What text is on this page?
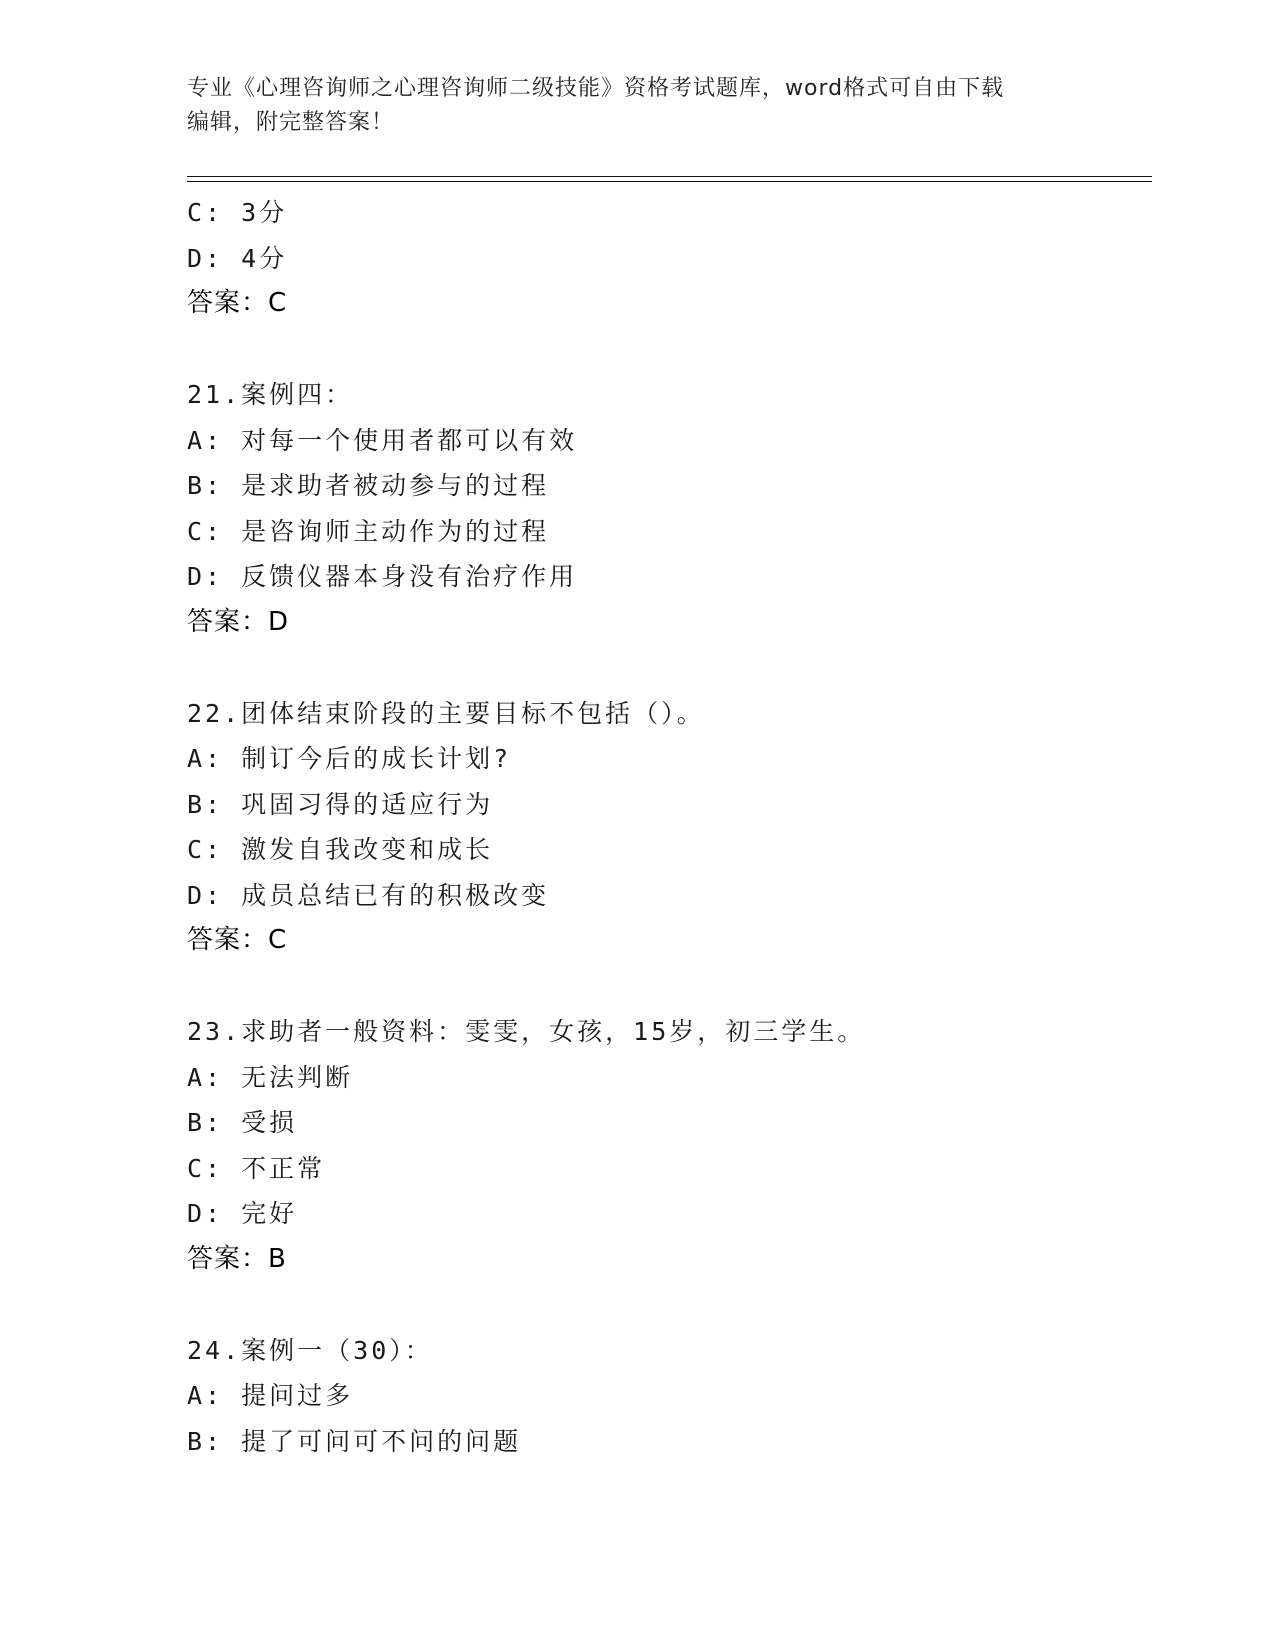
专业《心理咨询师之心理咨询师二级技能》资格考试题库，word格式可自由下载
编辑，附完整答案！
C: 3分
D: 4分
答案：C
21.案例四：
A: 对每一个使用者都可以有效
B: 是求助者被动参与的过程
C: 是咨询师主动作为的过程
D: 反馈仪器本身没有治疗作用
答案：D
22.团体结束阶段的主要目标不包括（）。
A: 制订今后的成长计划?
B: 巩固习得的适应行为
C: 激发自我改变和成长
D: 成员总结已有的积极改变
答案：C
23.求助者一般资料：雯雯，女孩，15岁，初三学生。
A: 无法判断
B: 受损
C: 不正常
D: 完好
答案：B
24.案例一（30）：
A: 提问过多
B: 提了可问可不问的问题
